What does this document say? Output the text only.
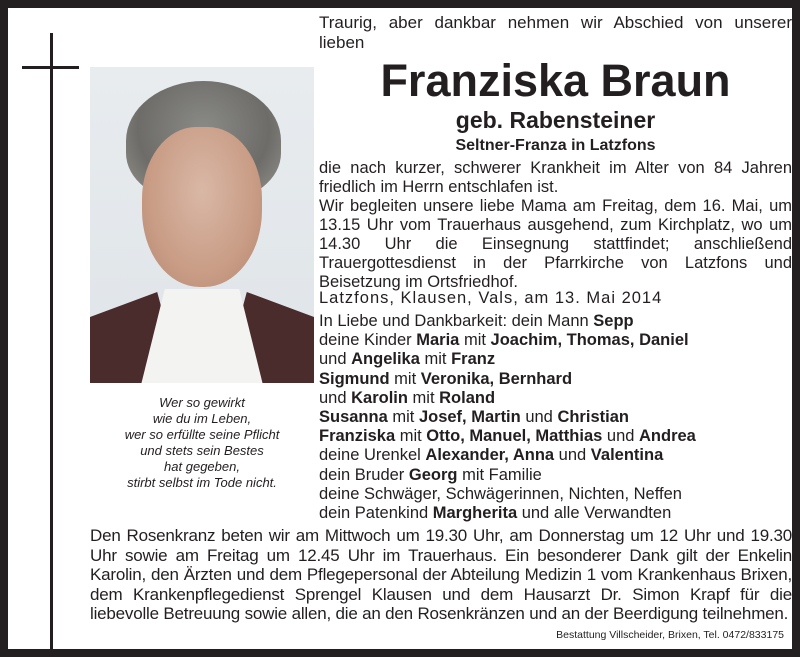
Wer so gewirkt
wie du im Leben,
wer so erfüllte seine Pflicht
und stets sein Bestes
hat gegeben,
stirbt selbst im Tode nicht.
Traurig, aber dankbar nehmen wir Abschied von unserer lieben
Franziska Braun
geb. Rabensteiner
Seltner-Franza in Latzfons

die nach kurzer, schwerer Krankheit im Alter von 84 Jahren friedlich im Herrn entschlafen ist.

Wir begleiten unsere liebe Mama am Freitag, dem 16. Mai, um 13.15 Uhr vom Trauerhaus ausgehend, zum Kirchplatz, wo um 14.30 Uhr die Einsegnung stattfindet; anschließend Trauergottesdienst in der Pfarrkirche von Latzfons und Beisetzung im Ortsfriedhof.

Latzfons, Klausen, Vals, am 13. Mai 2014
In Liebe und Dankbarkeit: dein Mann Sepp
deine Kinder Maria mit Joachim, Thomas, Daniel
und Angelika mit Franz
Sigmund mit Veronika, Bernhard
und Karolin mit Roland
Susanna mit Josef, Martin und Christian
Franziska mit Otto, Manuel, Matthias und Andrea
deine Urenkel Alexander, Anna und Valentina
dein Bruder Georg mit Familie
deine Schwäger, Schwägerinnen, Nichten, Neffen
dein Patenkind Margherita und alle Verwandten
Den Rosenkranz beten wir am Mittwoch um 19.30 Uhr, am Donnerstag um 12 Uhr und 19.30 Uhr sowie am Freitag um 12.45 Uhr im Trauerhaus. Ein besonderer Dank gilt der Enkelin Karolin, den Ärzten und dem Pflegepersonal der Abteilung Medizin 1 vom Krankenhaus Brixen, dem Krankenpflegedienst Sprengel Klausen und dem Hausarzt Dr. Simon Krapf für die liebevolle Betreuung sowie allen, die an den Rosenkränzen und an der Beerdigung teilnehmen.
Bestattung Villscheider, Brixen, Tel. 0472/833175
